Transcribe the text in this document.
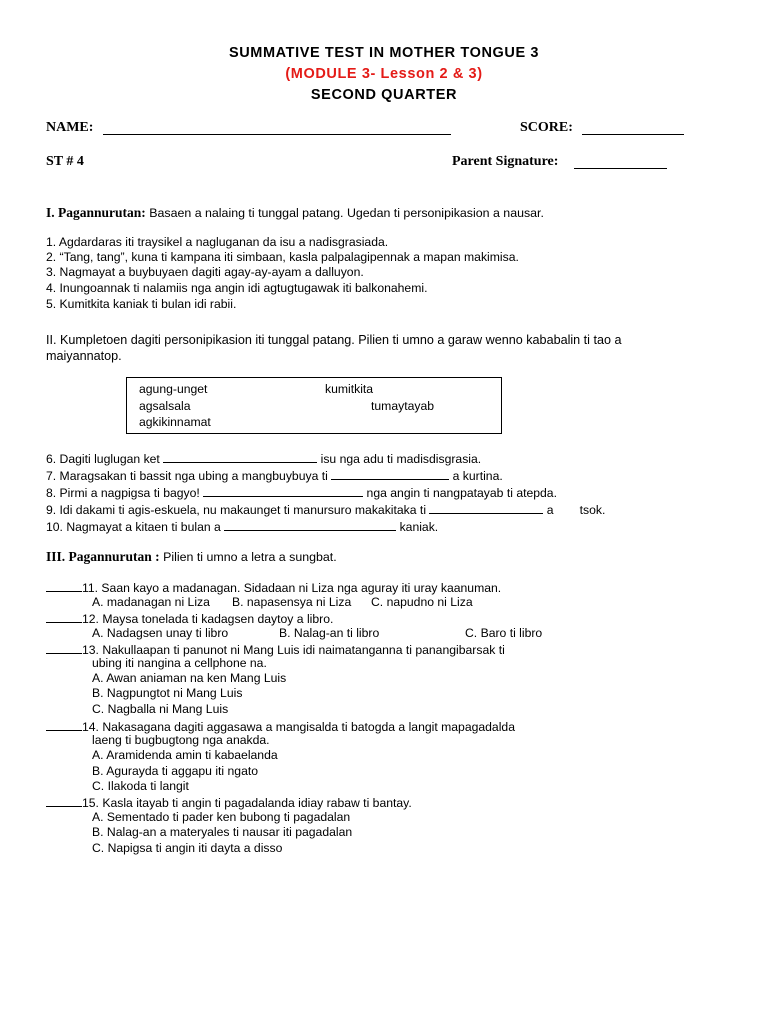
SUMMATIVE TEST IN MOTHER TONGUE 3
(MODULE 3- Lesson 2 & 3)
SECOND QUARTER
NAME:	SCORE:
ST # 4	Parent Signature:
I. Pagannurutan: Basaen a nalaing ti tunggal patang. Ugedan ti personipikasion a nausar.
1. Agdardaras iti traysikel a nagluganan da isu a nadisgrasiada.
2. “Tang, tang”, kuna ti kampana iti simbaan, kasla palpalagipennak a mapan makimisa.
3. Nagmayat a buybuyaen dagiti agay-ay-ayam a dalluyon.
4. Inungoannak ti nalamiis nga angin idi agtugtugawak iti balkonahemi.
5. Kumitkita kaniak ti bulan idi rabii.
II. Kumpletoen dagiti personipikasion iti tunggal patang. Pilien ti umno a garaw wenno kababalin ti tao a
maiyannatop.
agung-unget	kumitkita
agsalsala	tumaytayab
agkikinnamat
6. Dagiti luglugan ket	isu nga adu ti madisdisgrasia.
7. Maragsakan ti bassit nga ubing a mangbuybuya ti	a kurtina.
8. Pirmi a nagpigsa ti bagyo!	nga angin ti nangpatayab ti atepda.
9. Idi dakami ti agis-eskuela, nu makaunget ti manursuro makakitaka ti	a tsok.
10. Nagmayat a kitaen ti bulan a	kaniak.
III. Pagannurutan : Pilien ti umno a letra a sungbat.
11. Saan kayo a madanagan. Sidadaan ni Liza nga aguray iti uray kaanuman.
A. madanagan ni Liza B. napasensya ni Liza C. napudno ni Liza
12. Maysa tonelada ti kadagsen daytoy a libro.
A. Nadagsen unay ti libro	B. Nalag-an ti libro	C. Baro ti libro
13. Nakullaapan ti panunot ni Mang Luis idi naimatanganna ti panangibarsak ti
ubing iti nangina a cellphone na.
A. Awan aniaman na ken Mang Luis
B. Nagpungtot ni Mang Luis
C. Nagballa ni Mang Luis
14. Nakasagana dagiti aggasawa a mangisalda ti batogda a langit mapagadalda
laeng ti bugbugtong nga anakda.
A. Aramidenda amin ti kabaelanda
B. Agurayda ti aggapu iti ngato
C. Ilakoda ti langit
15. Kasla itayab ti angin ti pagadalanda idiay rabaw ti bantay.
A. Sementado ti pader ken bubong ti pagadalan
B. Nalag-an a materyales ti nausar iti pagadalan
C. Napigsa ti angin iti dayta a disso
